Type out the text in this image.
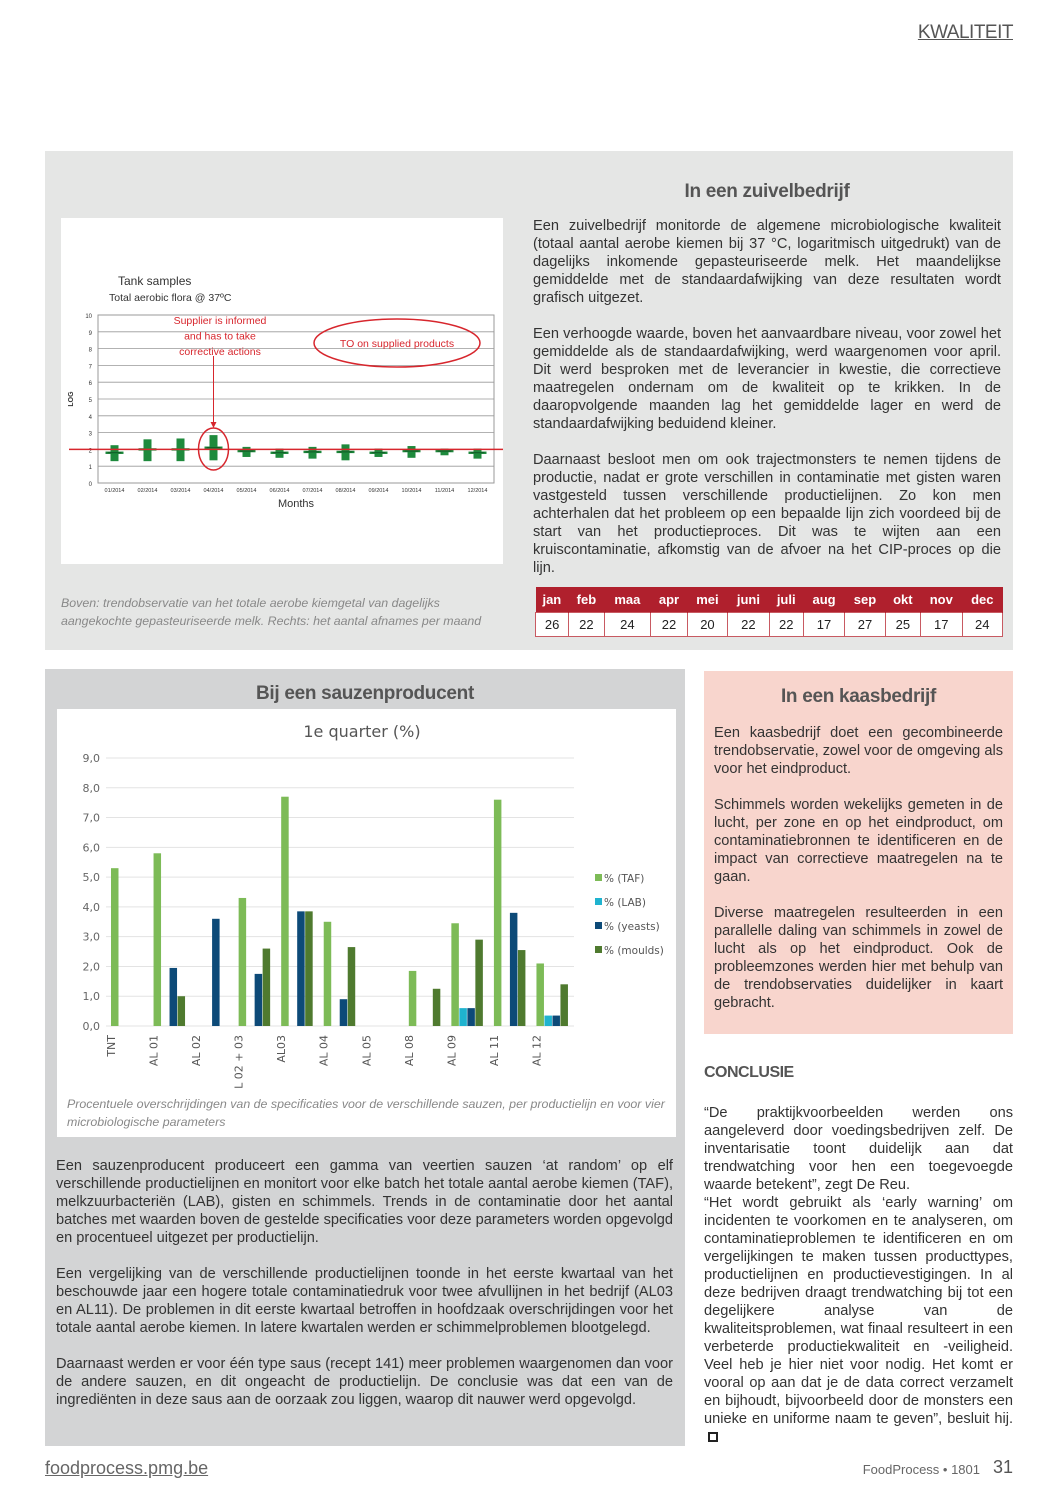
KWALITEIT
Tank samples
Total aerobic flora @ 37ºC
0
1
2
3
4
5
6
7
8
9
10
LOG
01/2014 02/2014 03/2014 04/2014 05/2014 06/2014 07/2014 08/2014 09/2014 10/2014 11/2014 12/2014
Months
Supplier is informed
and has to take
corrective actions
TO on supplied products
Boven: trendobservatie van het totale aerobe kiemgetal van dagelijks aangekochte gepasteuriseerde melk. Rechts: het aantal afnames per maand
In een zuivelbedrijf

Een zuivelbedrijf monitorde de algemene microbiologische kwaliteit (totaal aantal aerobe kiemen bij 37 °C, logaritmisch uitgedrukt) van de dagelijks inkomende gepasteuriseerde melk. Het maandelijkse gemiddelde met de standaardafwijking van deze resultaten wordt grafisch uitgezet.

Een verhoogde waarde, boven het aanvaardbare niveau, voor zowel het gemiddelde als de standaardafwijking, werd waargenomen voor april. Dit werd besproken met de leverancier in kwestie, die correctieve maatregelen ondernam om de kwaliteit op te krikken. In de daaropvolgende maanden lag het gemiddelde lager en werd de standaardafwijking beduidend kleiner.

Daarnaast besloot men om ook trajectmonsters te nemen tijdens de productie, nadat er grote verschillen in contaminatie met gisten waren vastgesteld tussen verschillende productielijnen. Zo kon men achterhalen dat het probleem op een bepaalde lijn zich voordeed bij de start van het productieproces. Dit was te wijten aan een kruiscontaminatie, afkomstig van de afvoer na het CIP-proces op die lijn.

jan	feb	maa	apr	mei	juni	juli	aug	sep	okt	nov	dec
26	22	24	22	20	22	22	17	27	25	17	24
Bij een sauzenproducent
1e quarter (%)
0,0
1,0
2,0
3,0
4,0
5,0
6,0
7,0
8,0
9,0
TNT	AL 01	AL 02	AL 02 + 03	AL03	AL 04	AL 05	AL 08	AL 09	AL 11	AL 12
% (TAF)
% (LAB)
% (yeasts)
% (moulds)
Procentuele overschrijdingen van de specificaties voor de verschillende sauzen, per productielijn en voor vier microbiologische parameters

Een sauzenproducent produceert een gamma van veertien sauzen ‘at random’ op elf verschillende productielijnen en monitort voor elke batch het totale aantal aerobe kiemen (TAF), melkzuurbacteriën (LAB), gisten en schimmels. Trends in de contaminatie door het aantal batches met waarden boven de gestelde specificaties voor deze parameters worden opgevolgd en procentueel uitgezet per productielijn.

Een vergelijking van de verschillende productielijnen toonde in het eerste kwartaal van het beschouwde jaar een hogere totale contaminatiedruk voor twee afvullijnen in het bedrijf (AL03 en AL11). De problemen in dit eerste kwartaal betroffen in hoofdzaak overschrijdingen voor het totale aantal aerobe kiemen. In latere kwartalen werden er schimmelproblemen blootgelegd.

Daarnaast werden er voor één type saus (recept 141) meer problemen waargenomen dan voor de andere sauzen, en dit ongeacht de productielijn. De conclusie was dat een van de ingrediënten in deze saus aan de oorzaak zou liggen, waarop dit nauwer werd opgevolgd.

In een kaasbedrijf

Een kaasbedrijf doet een gecombineerde trendobservatie, zowel voor de omgeving als voor het eindproduct.

Schimmels worden wekelijks gemeten in de lucht, per zone en op het eindproduct, om contaminatiebronnen te identificeren en de impact van correctieve maatregelen na te gaan.

Diverse maatregelen resulteerden in een parallelle daling van schimmels in zowel de lucht als op het eindproduct. Ook de probleemzones werden hier met behulp van de trendobservaties duidelijker in kaart gebracht.

CONCLUSIE

“De praktijkvoorbeelden werden ons aangeleverd door voedingsbedrijven zelf. De inventarisatie toont duidelijk aan dat trendwatching voor hen een toegevoegde waarde betekent”, zegt De Reu.

“Het wordt gebruikt als ‘early warning’ om incidenten te voorkomen en te analyseren, om contaminatieproblemen te identificeren en om vergelijkingen te maken tussen producttypes, productielijnen en productievestigingen. In al deze bedrijven draagt trendwatching bij tot een degelijkere analyse van de kwaliteitsproblemen, wat finaal resulteert in een verbeterde productiekwaliteit en -veiligheid. Veel heb je hier niet voor nodig. Het komt er vooral op aan dat je de data correct verzamelt en bijhoudt, bijvoorbeeld door de monsters een unieke en uniforme naam te geven”, besluit hij.

foodprocess.pmg.be	FoodProcess • 1801 31
